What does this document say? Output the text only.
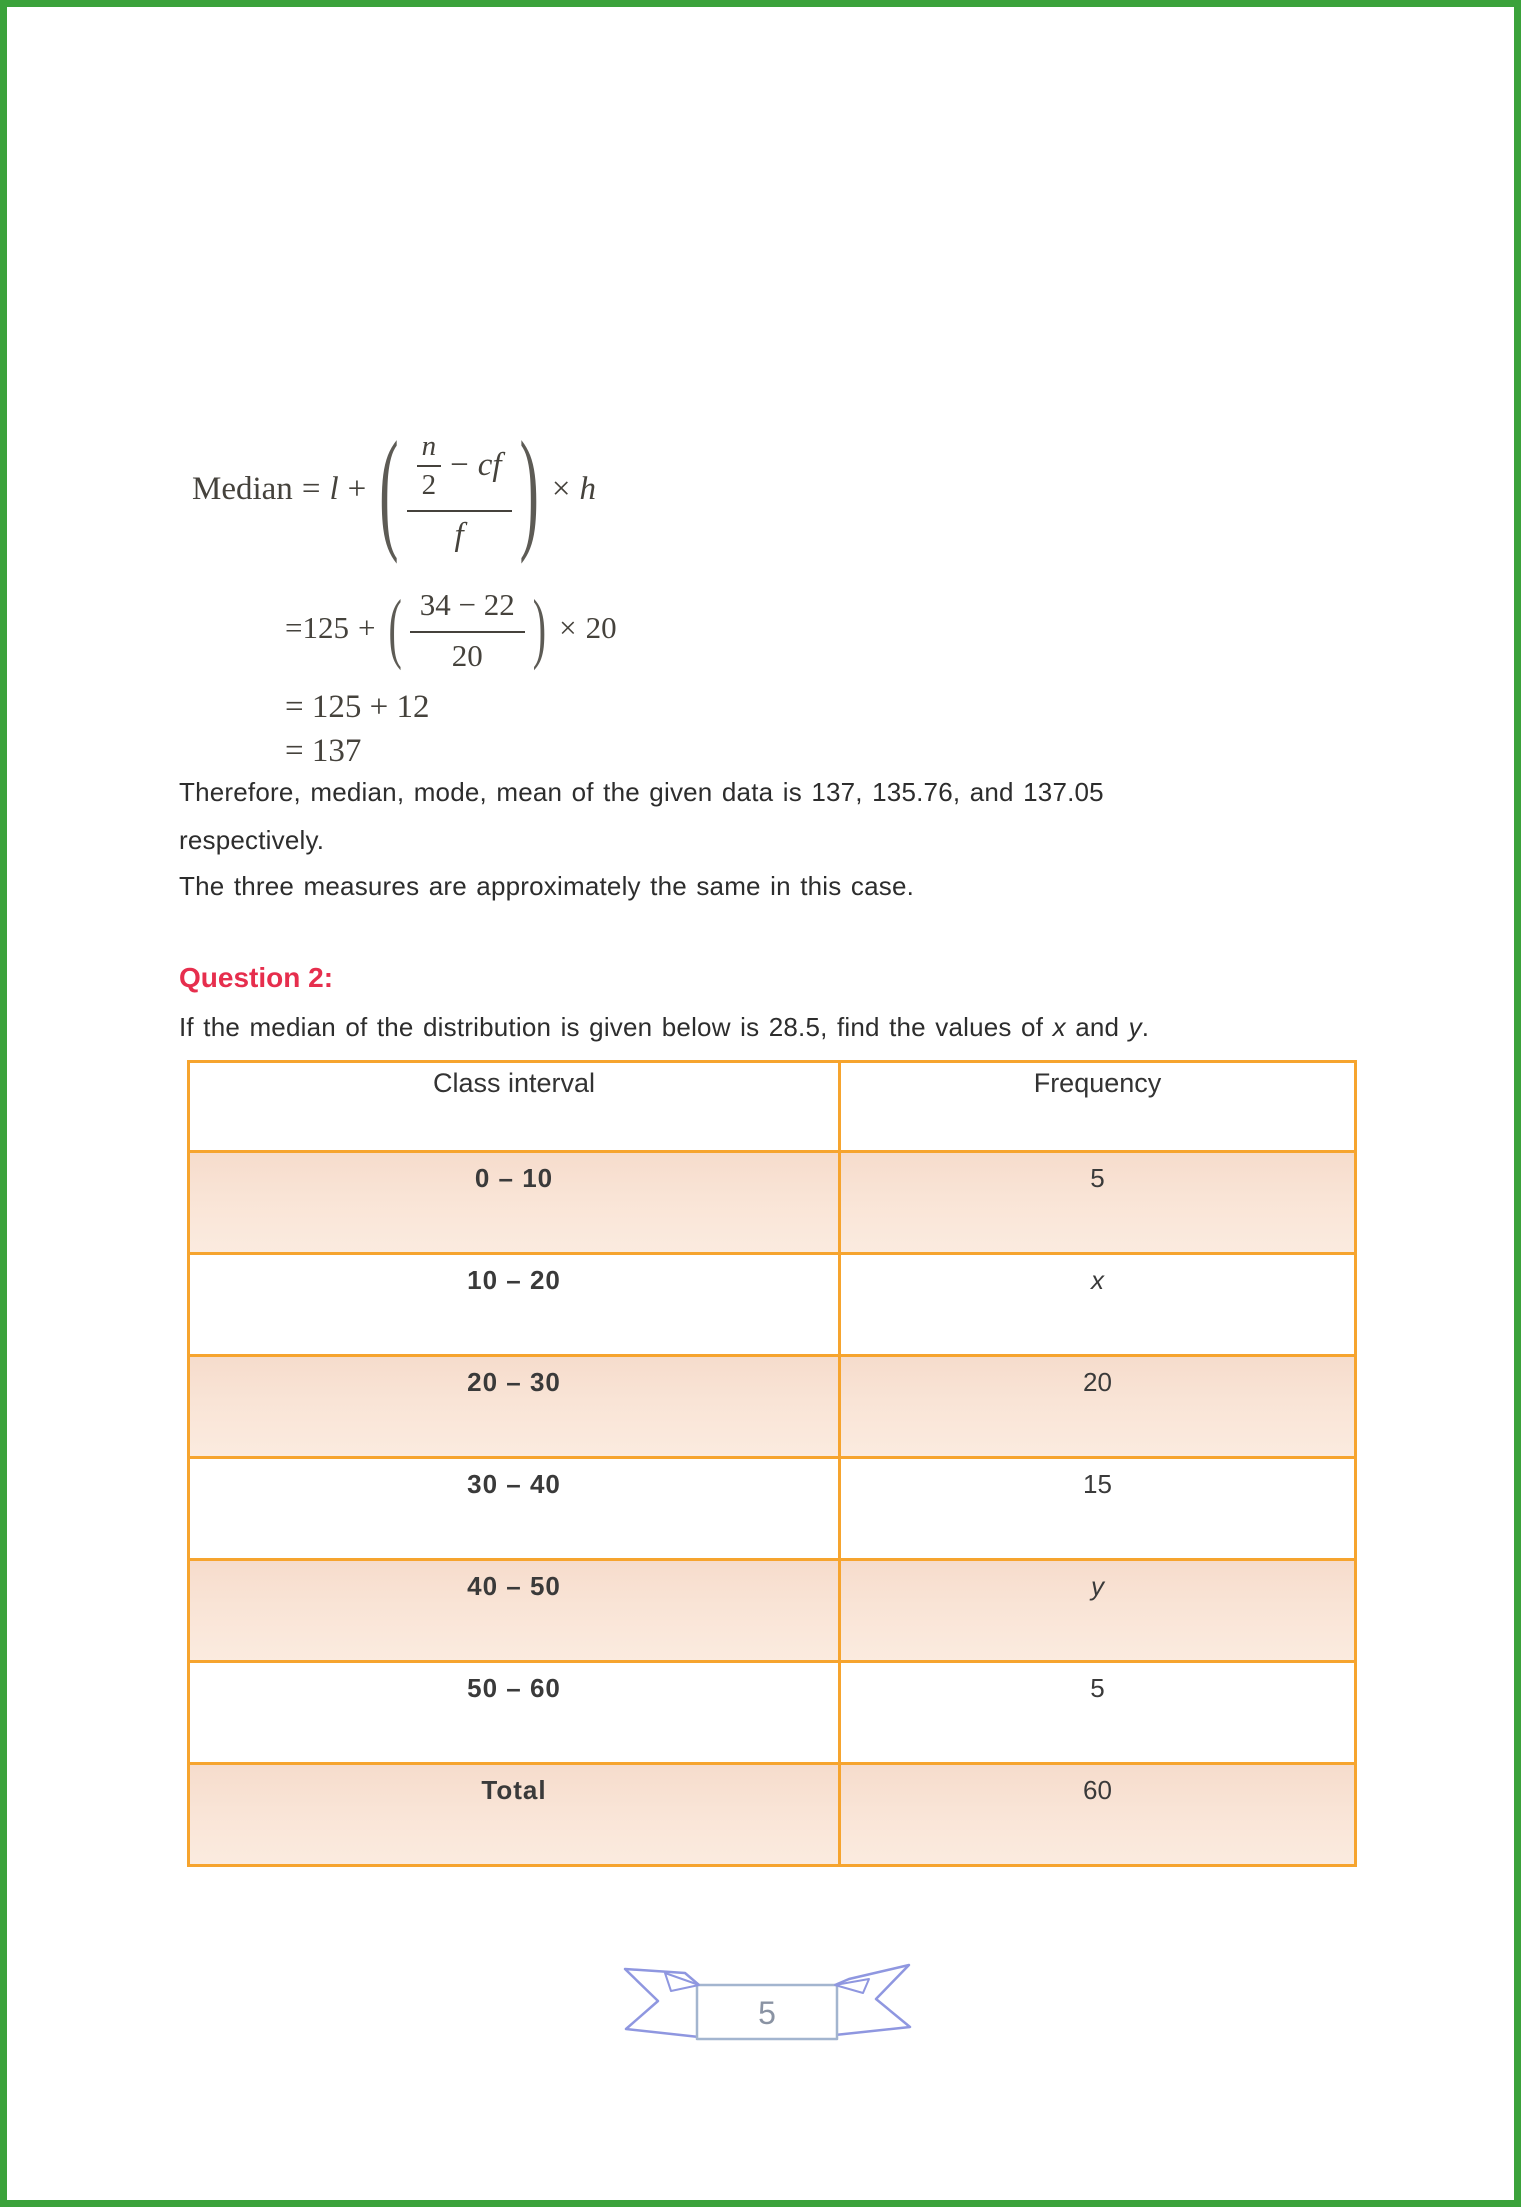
Median = l + ( n
2
− cf
f ) × h
= 125 + ( $\frac{34 - 22}{20}$ ) × 20
= 125 + 12
= 137
Therefore, median, mode, mean of the given data is 137, 135.76, and 137.05
respectively.
The three measures are approximately the same in this case.
Question 2:
If the median of the distribution is given below is 28.5, find the values of x and y.
Class interval	Frequency
0 – 10	5
10 – 20	x
20 – 30	20
30 – 40	15
40 – 50	y
50 – 60	5
Total	60
5
